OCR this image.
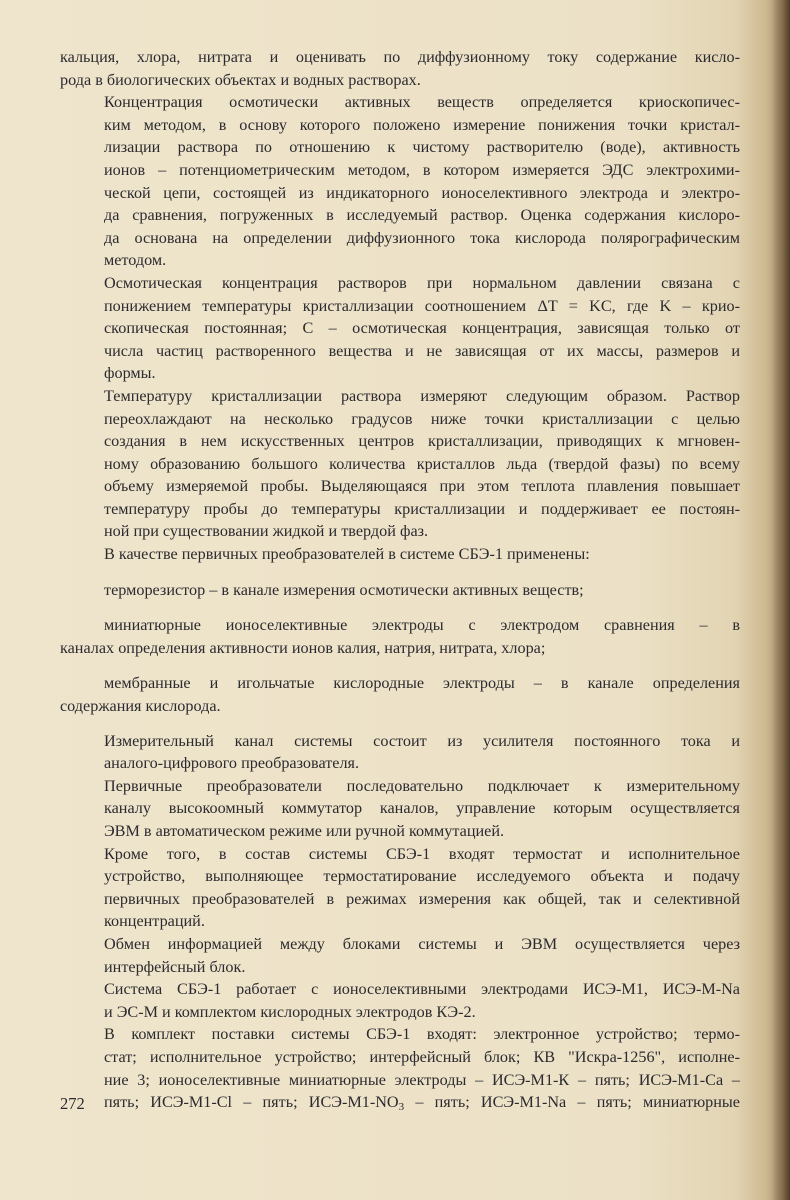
кальция, хлора, нитрата и оценивать по диффузионному току содержание кисло-
рода в биологических объектах и водных растворах.

Концентрация осмотически активных веществ определяется криоскопичес-
ким методом, в основу которого положено измерение понижения точки кристал-
лизации раствора по отношению к чистому растворителю (воде), активность
ионов – потенциометрическим методом, в котором измеряется ЭДС электрохими-
ческой цепи, состоящей из индикаторного ионоселективного электрода и электро-
да сравнения, погруженных в исследуемый раствор. Оценка содержания кислоро-
да основана на определении диффузионного тока кислорода полярографическим
методом.

Осмотическая концентрация растворов при нормальном давлении связана с
понижением температуры кристаллизации соотношением ΔT = KC, где K – крио-
скопическая постоянная; C – осмотическая концентрация, зависящая только от
числа частиц растворенного вещества и не зависящая от их массы, размеров и
формы.

Температуру кристаллизации раствора измеряют следующим образом. Раствор
переохлаждают на несколько градусов ниже точки кристаллизации с целью
создания в нем искусственных центров кристаллизации, приводящих к мгновен-
ному образованию большого количества кристаллов льда (твердой фазы) по всему
объему измеряемой пробы. Выделяющаяся при этом теплота плавления повышает
температуру пробы до температуры кристаллизации и поддерживает ее постоян-
ной при существовании жидкой и твердой фаз.

В качестве первичных преобразователей в системе СБЭ-1 применены:

терморезистор – в канале измерения осмотически активных веществ;

миниатюрные ионоселективные электроды с электродом сравнения – в
каналах определения активности ионов калия, натрия, нитрата, хлора;

мембранные и игольчатые кислородные электроды – в канале определения
содержания кислорода.

Измерительный канал системы состоит из усилителя постоянного тока и
аналого-цифрового преобразователя.

Первичные преобразователи последовательно подключает к измерительному
каналу высокоомный коммутатор каналов, управление которым осуществляется
ЭВМ в автоматическом режиме или ручной коммутацией.

Кроме того, в состав системы СБЭ-1 входят термостат и исполнительное
устройство, выполняющее термостатирование исследуемого объекта и подачу
первичных преобразователей в режимах измерения как общей, так и селективной
концентраций.

Обмен информацией между блоками системы и ЭВМ осуществляется через
интерфейсный блок.

Система СБЭ-1 работает с ионоселективными электродами ИСЭ-М1, ИСЭ-М-Na
и ЭС-М и комплектом кислородных электродов КЭ-2.

В комплект поставки системы СБЭ-1 входят: электронное устройство; термо-
стат; исполнительное устройство; интерфейсный блок; КВ "Искра-1256", исполне-
ние 3; ионоселективные миниатюрные электроды – ИСЭ-М1-К – пять; ИСЭ-М1-Са –
пять; ИСЭ-М1-Cl – пять; ИСЭ-$М1-NO_3$ – пять; ИСЭ-М1-Na – пять; миниатюрные

272
